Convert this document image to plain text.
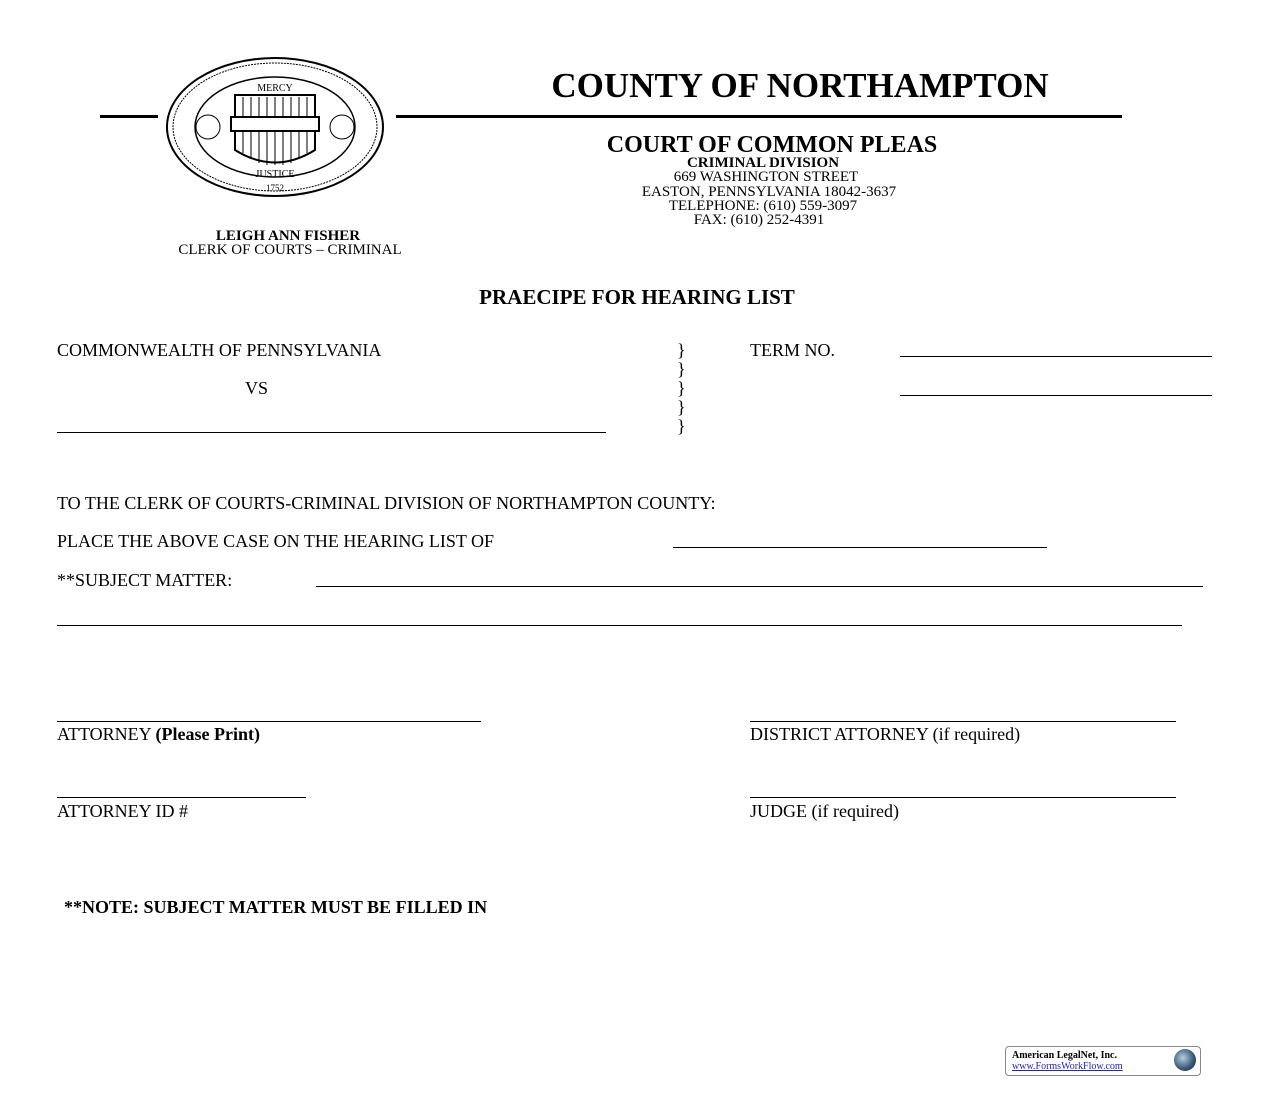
MERCY
JUSTICE
1752
COUNTY OF NORTHAMPTON
COURT OF COMMON PLEAS
CRIMINAL DIVISION
669 WASHINGTON STREET
EASTON, PENNSYLVANIA 18042-3637
TELEPHONE: (610) 559-3097
FAX: (610) 252-4391
LEIGH ANN FISHER
CLERK OF COURTS – CRIMINAL
PRAECIPE FOR HEARING LIST
COMMONWEALTH OF PENNSYLVANIA
VS
}
}
}
}
}
TERM NO.
TO THE CLERK OF COURTS-CRIMINAL DIVISION OF NORTHAMPTON COUNTY:
PLACE THE ABOVE CASE ON THE HEARING LIST OF
**SUBJECT MATTER:
ATTORNEY (Please Print)	DISTRICT ATTORNEY (if required)
ATTORNEY ID #	JUDGE (if required)
**NOTE: SUBJECT MATTER MUST BE FILLED IN
American LegalNet, Inc.
www.FormsWorkFlow.com
